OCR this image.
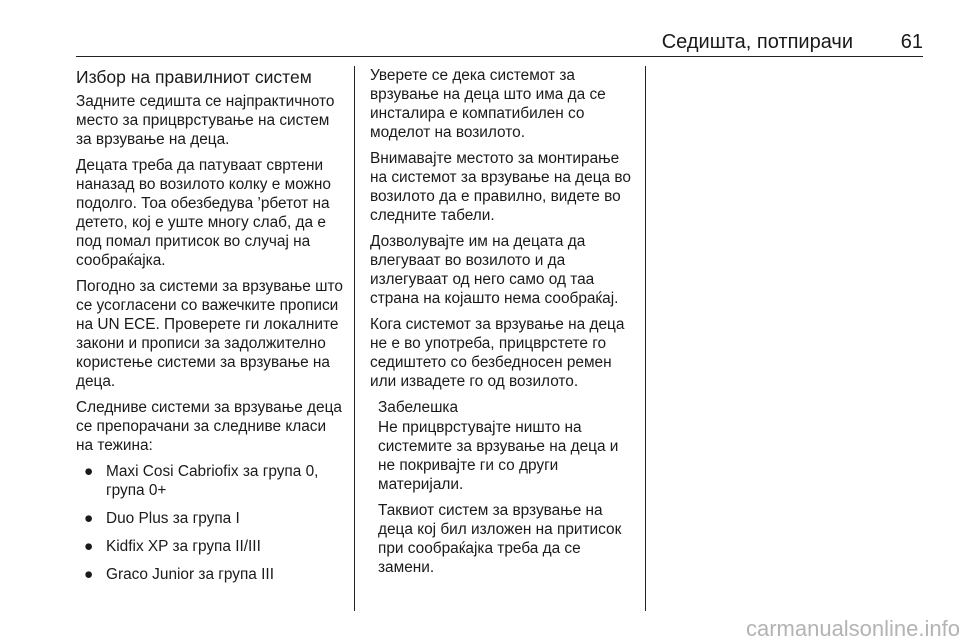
Седишта, потпирачи 61
Избор на правилниот систем

Задните седишта се најпрактичното место за прицврстување на систем за врзување на деца.

Децата треба да патуваат свртени наназад во возилото колку е можно подолго. Тоа обезбедува ’рбетот на детето, кој е уште многу слаб, да е под помал притисок во случај на сообраќајка.

Погодно за системи за врзување што се усогласени со важечките прописи на UN ECE. Проверете ги локалните закони и прописи за задолжително користење системи за врзување на деца.

Следниве системи за врзување деца се препорачани за следниве класи на тежина:

● Maxi Cosi Cabriofix за група 0, група 0+
● Duo Plus за група I
● Kidfix XP за група II/III
● Graco Junior за група III

Уверете се дека системот за врзување на деца што има да се инсталира е компатибилен со моделот на возилото.

Внимавајте местото за монтирање на системот за врзување на деца во возилото да е правилно, видете во следните табели.

Дозволувајте им на децата да влегуваат во возилото и да излегуваат од него само од таа страна на којашто нема сообраќај.

Кога системот за врзување на деца не е во употреба, прицврстете го седиштето со безбедносен ремен или извадете го од возилото.

Забелешка

Не прицврстувајте ништо на системите за врзување на деца и не покривајте ги со други материјали.

Таквиот систем за врзување на деца кој бил изложен на притисок при сообраќајка треба да се замени.

carmanualsonline.info
